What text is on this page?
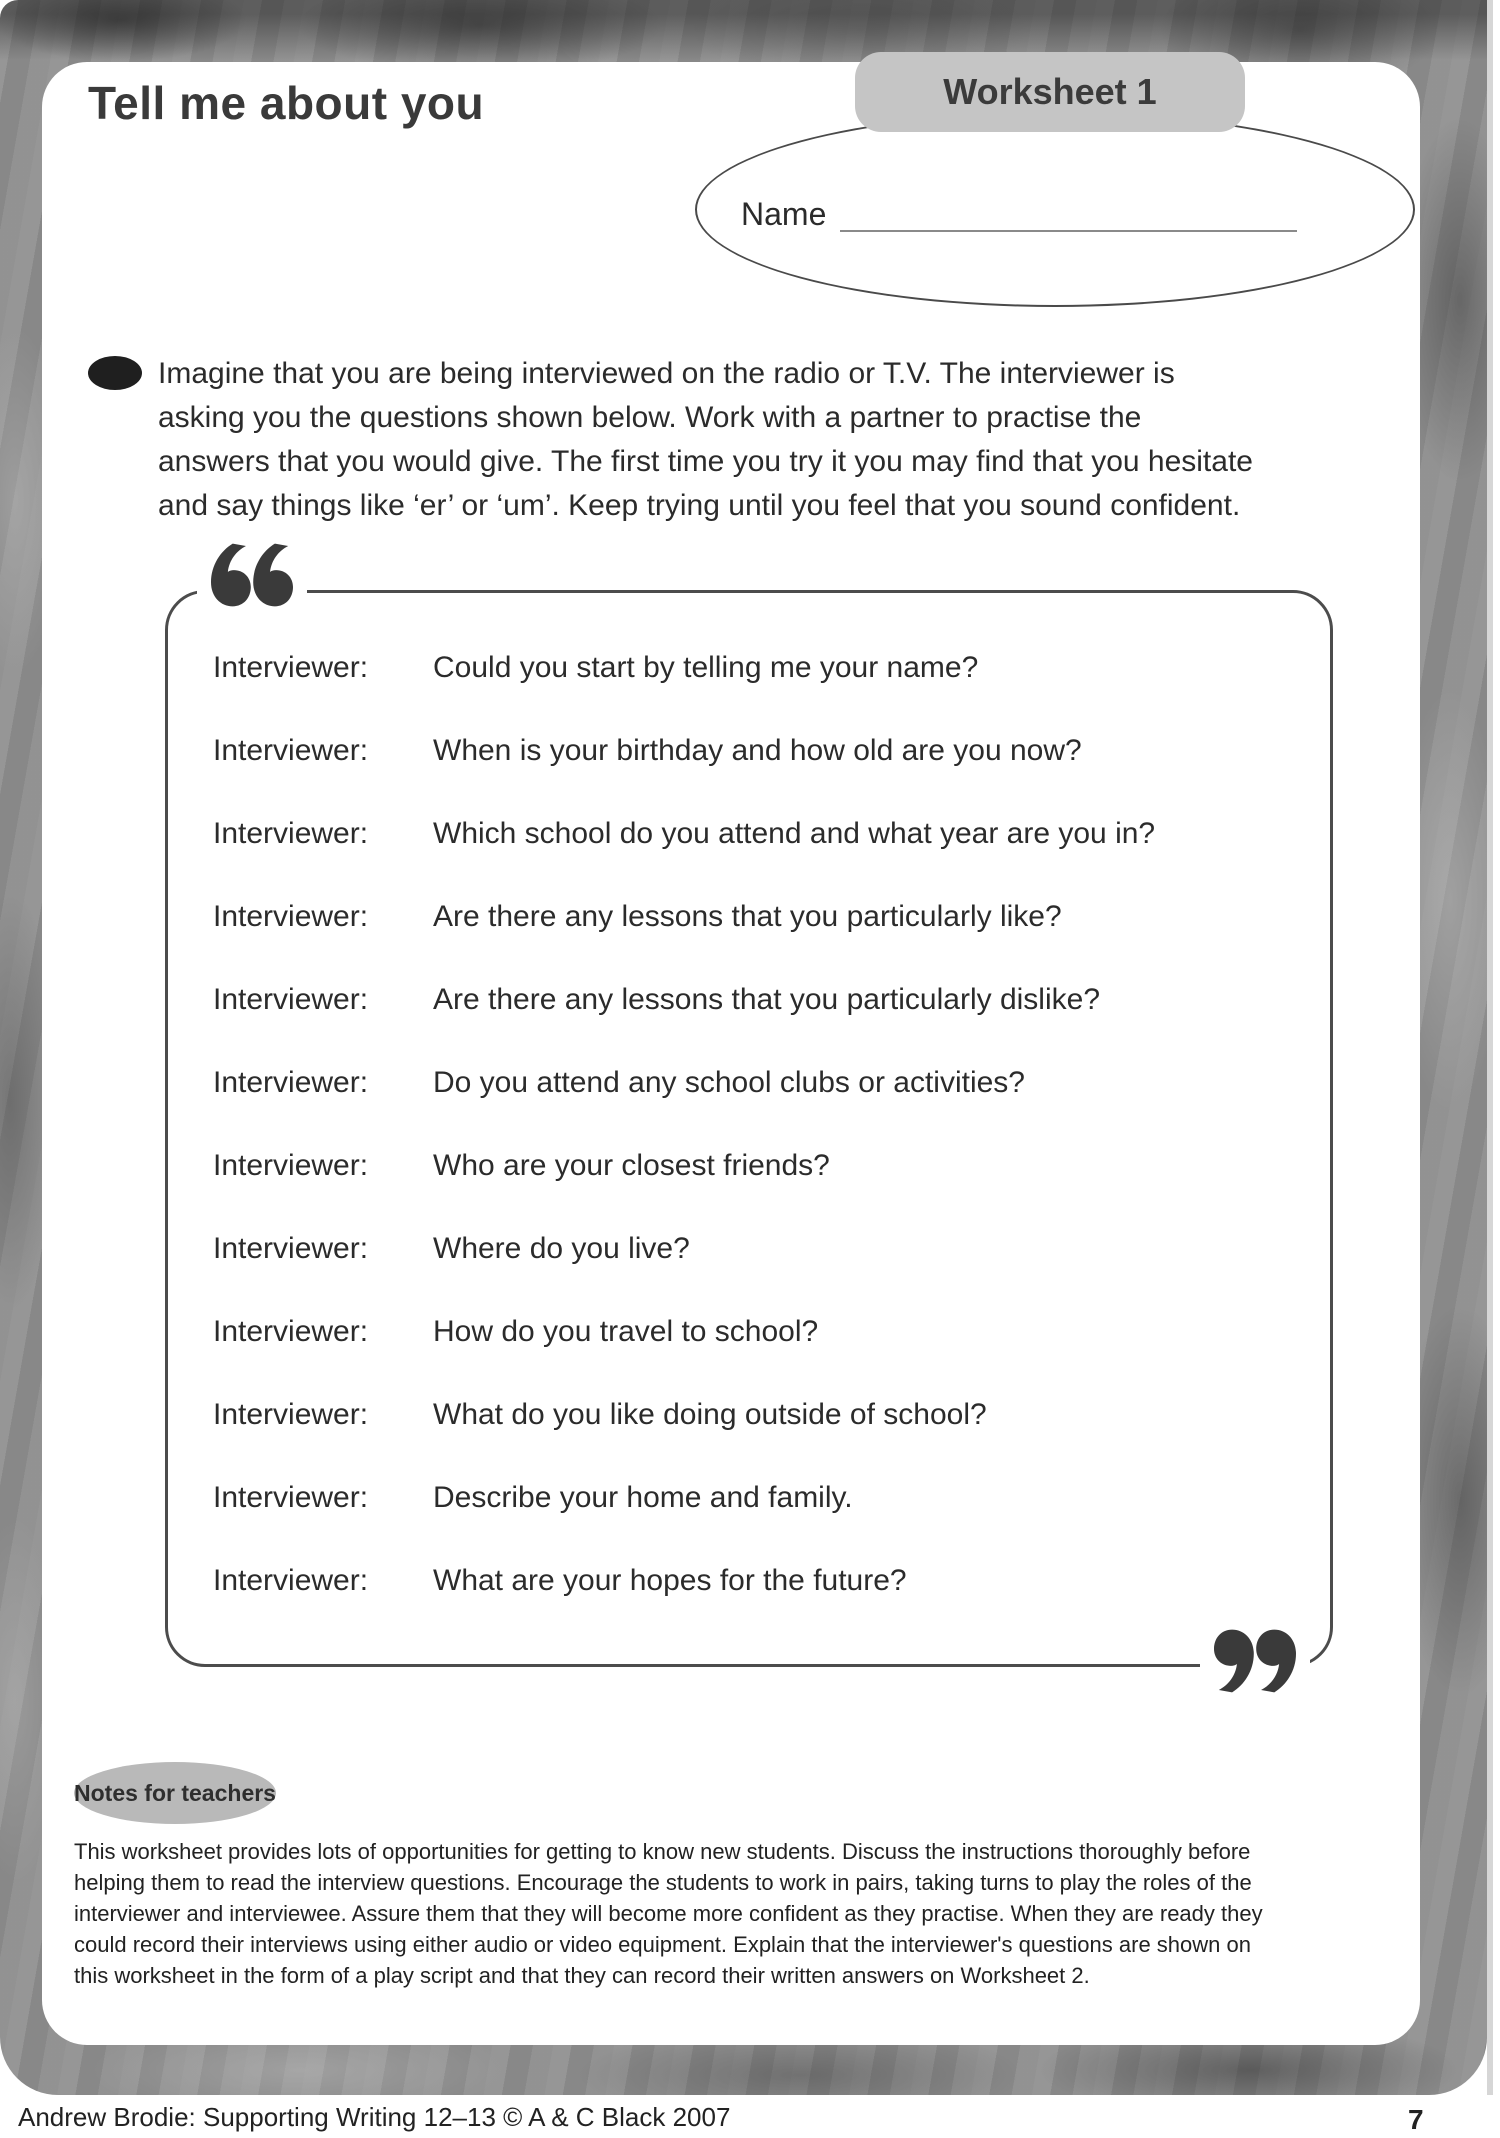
Tell me about you	Worksheet 1
Name
Imagine that you are being interviewed on the radio or T.V. The interviewer is
asking you the questions shown below. Work with a partner to practise the
answers that you would give. The first time you try it you may find that you hesitate
and say things like ‘er’ or ‘um’. Keep trying until you feel that you sound confident.
Interviewer:	Could you start by telling me your name?
Interviewer:	When is your birthday and how old are you now?
Interviewer:	Which school do you attend and what year are you in?
Interviewer:	Are there any lessons that you particularly like?
Interviewer:	Are there any lessons that you particularly dislike?
Interviewer:	Do you attend any school clubs or activities?
Interviewer:	Who are your closest friends?
Interviewer:	Where do you live?
Interviewer:	How do you travel to school?
Interviewer:	What do you like doing outside of school?
Interviewer:	Describe your home and family.
Interviewer:	What are your hopes for the future?
Notes for teachers
This worksheet provides lots of opportunities for getting to know new students. Discuss the instructions thoroughly before
helping them to read the interview questions. Encourage the students to work in pairs, taking turns to play the roles of the
interviewer and interviewee. Assure them that they will become more confident as they practise. When they are ready they
could record their interviews using either audio or video equipment. Explain that the interviewer's questions are shown on
this worksheet in the form of a play script and that they can record their written answers on Worksheet 2.
Andrew Brodie: Supporting Writing 12–13 © A & C Black 2007	7
